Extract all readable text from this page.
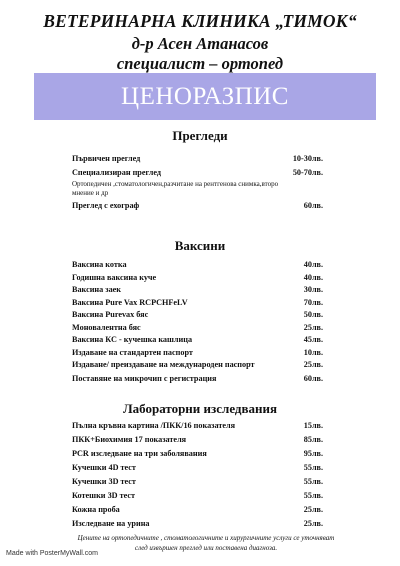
ВЕТЕРИНАРНА КЛИНИКА „ТИМОК“
д-р Асен Атанасов
специалист – ортопед
ЦЕНОРАЗПИС
Прегледи
Първичен преглед	10-30лв.
Специализиран преглед	50-70лв.
Ортопедичен ,стоматологичен,разчитане на рентгенова снимка,второ мнение и др
Преглед с ехограф	60лв.
Ваксини
Ваксина котка	40лв.
Годишна ваксина куче	40лв.
Ваксина заек	30лв.
Ваксина Pure Vax RCPCHFeLV	70лв.
Ваксина Purevax бяс	50лв.
Моновалентна бяс	25лв.
Ваксина КС - кучешка кашлица	45лв.
Издаване на стандартен паспорт	10лв.
Издаване/ преиздаване на международен паспорт	25лв.
Поставяне на микрочип с регистрация	60лв.
Лабораторни изследвания
Пълна кръвна картина /ПКК/16 показателя	15лв.
ПКК+Биохимия 17 показателя	85лв.
PCR изследване на три заболявания	95лв.
Кучешки 4D тест	55лв.
Кучешки 3D тест	55лв.
Котешки 3D тест	55лв.
Кожна проба	25лв.
Изследване на урина	25лв.
Цените на ортопедичните , стоматологичните и хирургичните услуги се уточняват след извършен преглед или поставена диагноза.
Made with PosterMyWall.com
